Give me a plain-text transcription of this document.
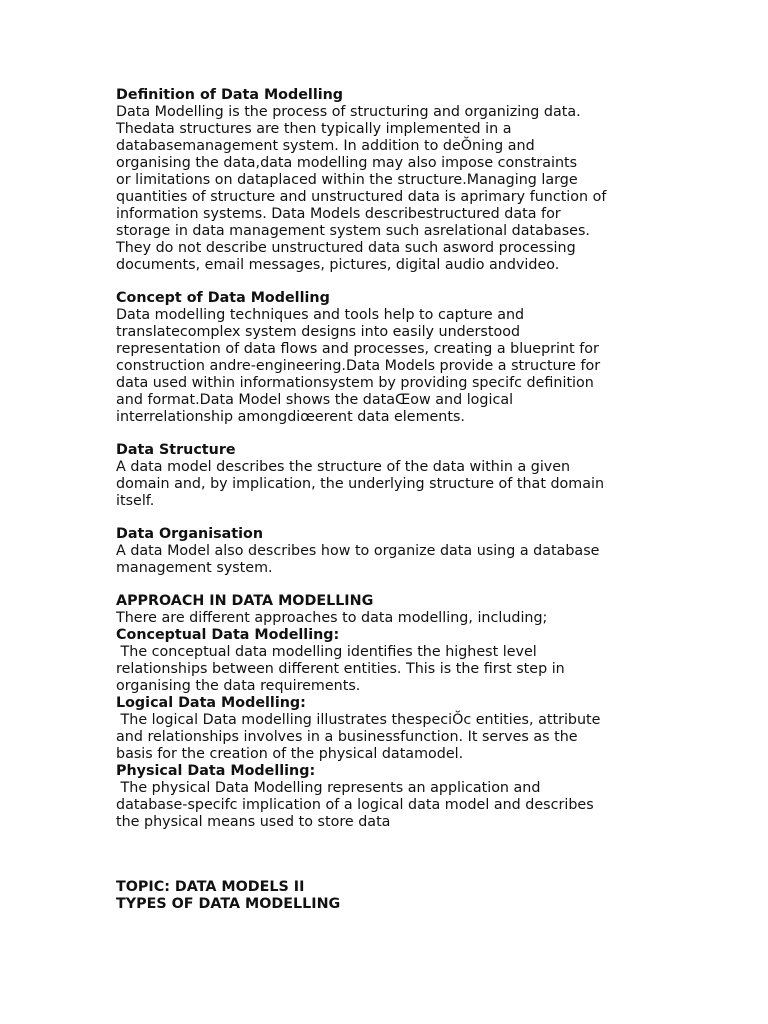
Definition of Data Modelling
Data Modelling is the process of structuring and organizing data.
Thedata structures are then typically implemented in a
databasemanagement system. In addition to deŎning and
organising the data,data modelling may also impose constraints
or limitations on dataplaced within the structure.Managing large
quantities of structure and unstructured data is aprimary function of
information systems. Data Models describestructured data for
storage in data management system such asrelational databases.
They do not describe unstructured data such asword processing
documents, email messages, pictures, digital audio andvideo.
Concept of Data Modelling
Data modelling techniques and tools help to capture and
translatecomplex system designs into easily understood
representation of data flows and processes, creating a blueprint for
construction andre-engineering.Data Models provide a structure for
data used within informationsystem by providing specifc definition
and format.Data Model shows the dataŒow and logical
interrelationship amongdiœerent data elements.
Data Structure
A data model describes the structure of the data within a given
domain and, by implication, the underlying structure of that domain
itself.
Data Organisation
A data Model also describes how to organize data using a database
management system.
APPROACH IN DATA MODELLING
There are different approaches to data modelling, including;
Conceptual Data Modelling:
The conceptual data modelling identifies the highest level
relationships between different entities. This is the first step in
organising the data requirements.
Logical Data Modelling:
The logical Data modelling illustrates thespeciŎc entities, attribute
and relationships involves in a businessfunction. It serves as the
basis for the creation of the physical datamodel.
Physical Data Modelling:
The physical Data Modelling represents an application and
database-specifc implication of a logical data model and describes
the physical means used to store data
TOPIC: DATA MODELS II
TYPES OF DATA MODELLING
